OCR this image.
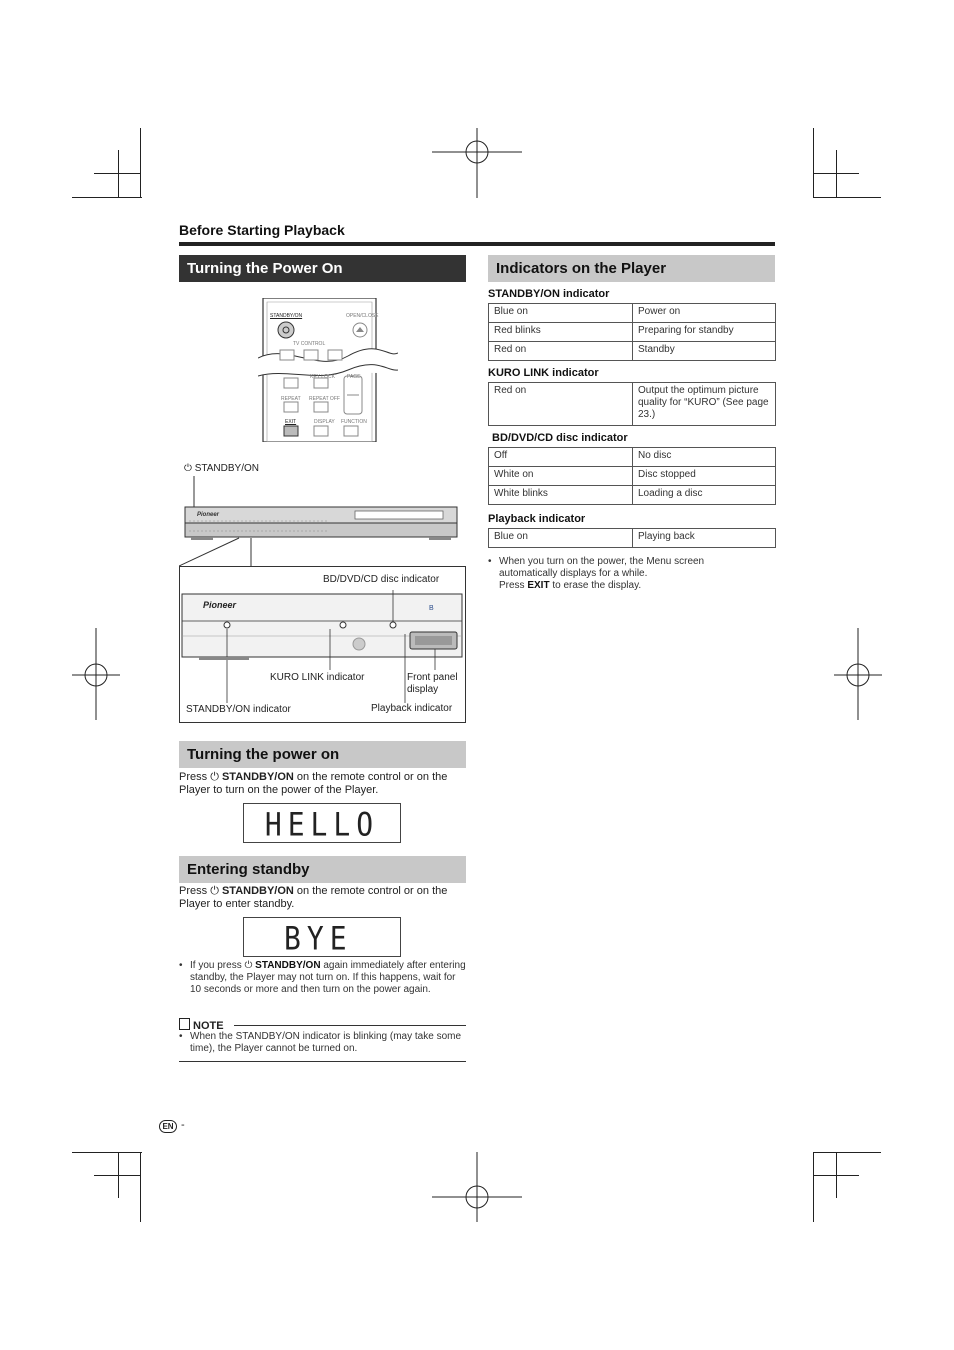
Before Starting Playback
Turning the Power On
STANDBY/ON	OPEN/CLOSE
TV CONTROL
KEY LOCK PAGE
REPEAT REPEAT OFF
EXIT	DISPLAY FUNCTION
⏻ STANDBY/ON
Pioneer
Pioneer	B
BD/DVD/CD disc indicator
KURO LINK indicator	Front panel
display
STANDBY/ON indicator	Playback indicator
Turning the power on
Press ⏻ STANDBY/ON on the remote control or on the Player to turn on the power of the Player.
HELLO
Entering standby
Press ⏻ STANDBY/ON on the remote control or on the Player to enter standby.
BYE
• If you press ⏻ STANDBY/ON again immediately after entering standby, the Player may not turn on. If this happens, wait for 10 seconds or more and then turn on the power again.
NOTE
• When the STANDBY/ON indicator is blinking (may take some time), the Player cannot be turned on.
Indicators on the Player
STANDBY/ON indicator
Blue on	Power on
Red blinks	Preparing for standby
Red on	Standby
KURO LINK indicator
Red on	Output the optimum picture quality for “KURO” (See page 23.)
BD/DVD/CD disc indicator
Off	No disc
White on	Disc stopped
White blinks	Loading a disc
Playback indicator
Blue on	Playing back
• When you turn on the power, the Menu screen
automatically displays for a while.
Press EXIT to erase the display.
EN -
